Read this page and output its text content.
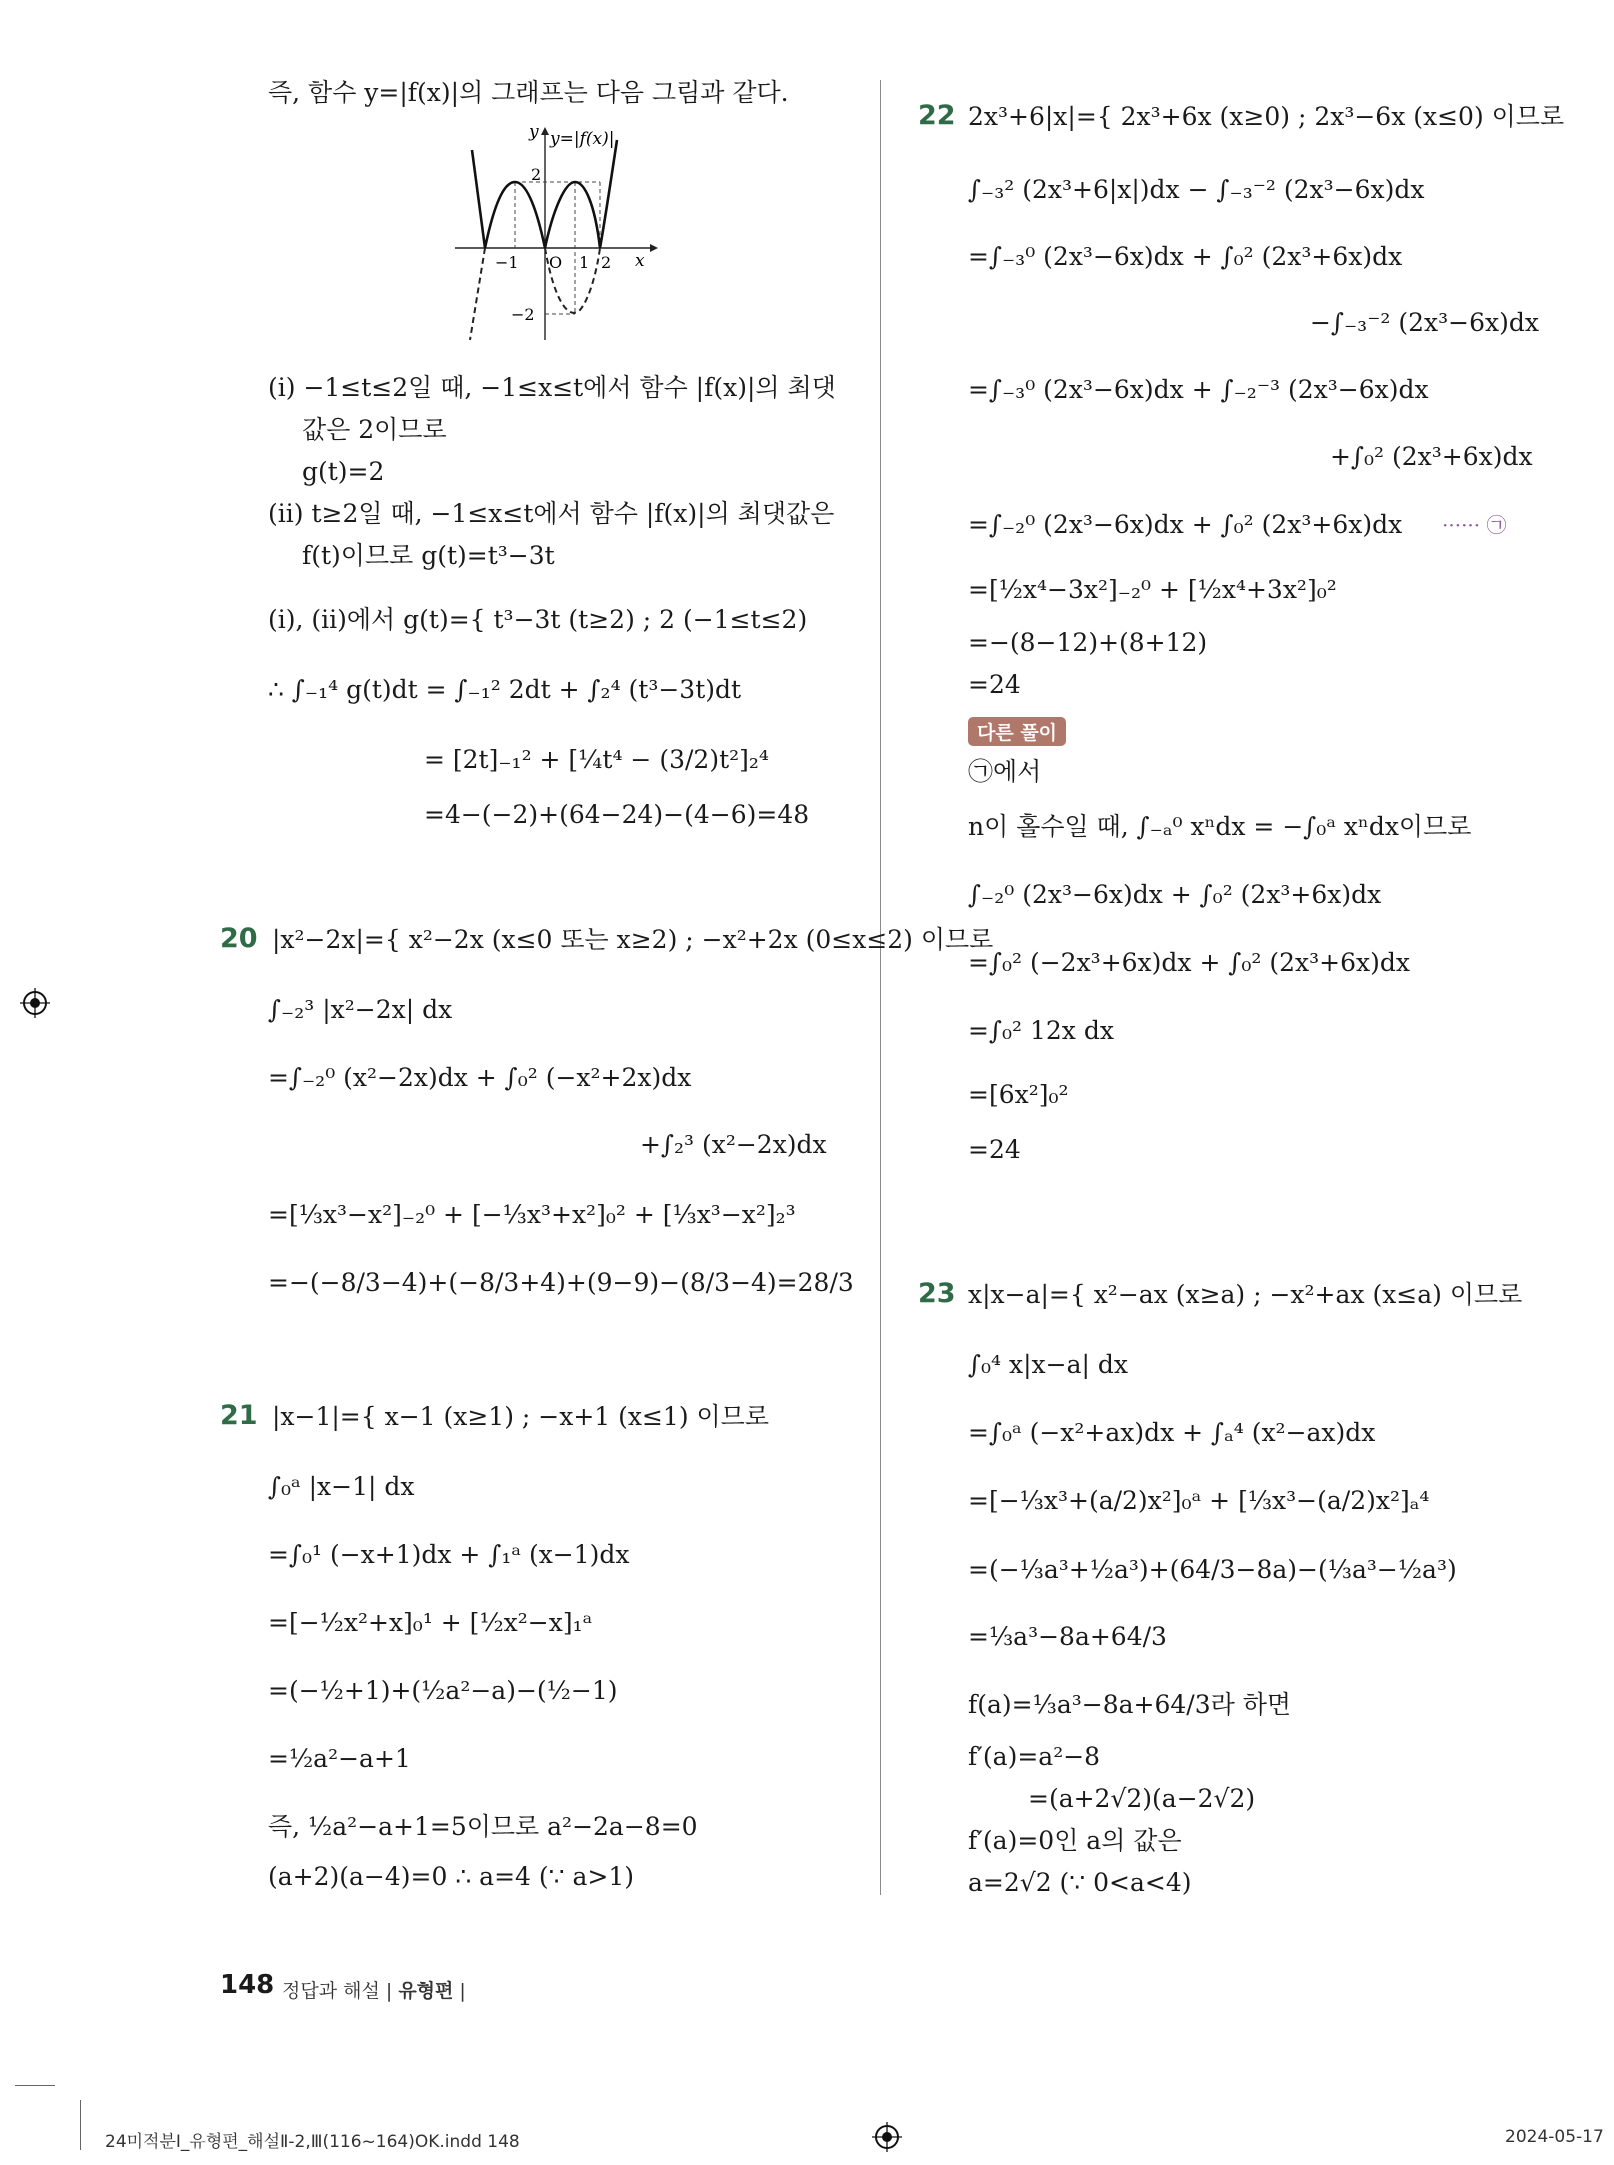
즉, 함수 y=|f(x)|의 그래프는 다음 그림과 같다.
y y=|f(x)|
x
2
−1 O 1 2
−2
(ⅰ) −1≤t≤2일 때, −1≤x≤t에서 함수 |f(x)|의 최댓
값은 2이므로
g(t)=2
(ⅱ) t≥2일 때, −1≤x≤t에서 함수 |f(x)|의 최댓값은
f(t)이므로 g(t)=t³−3t
(ⅰ), (ⅱ)에서 g(t)={ t³−3t (t≥2) ; 2 (−1≤t≤2)
∴ ∫₋₁⁴ g(t)dt = ∫₋₁² 2dt + ∫₂⁴ (t³−3t)dt
= [2t]₋₁² + [¼t⁴ − (3/2)t²]₂⁴
=4−(−2)+(64−24)−(4−6)=48
20 |x²−2x|={ x²−2x (x≤0 또는 x≥2) ; −x²+2x (0≤x≤2) 이므로
∫₋₂³ |x²−2x| dx
=∫₋₂⁰ (x²−2x)dx + ∫₀² (−x²+2x)dx
+∫₂³ (x²−2x)dx
=[⅓x³−x²]₋₂⁰ + [−⅓x³+x²]₀² + [⅓x³−x²]₂³
=−(−8/3−4)+(−8/3+4)+(9−9)−(8/3−4)=28/3
21 |x−1|={ x−1 (x≥1) ; −x+1 (x≤1) 이므로
∫₀ᵃ |x−1| dx
=∫₀¹ (−x+1)dx + ∫₁ᵃ (x−1)dx
=[−½x²+x]₀¹ + [½x²−x]₁ᵃ
=(−½+1)+(½a²−a)−(½−1)
=½a²−a+1
즉, ½a²−a+1=5이므로 a²−2a−8=0
(a+2)(a−4)=0 ∴ a=4 (∵ a>1)
22 2x³+6|x|={ 2x³+6x (x≥0) ; 2x³−6x (x≤0) 이므로
∫₋₃² (2x³+6|x|)dx − ∫₋₃⁻² (2x³−6x)dx
=∫₋₃⁰ (2x³−6x)dx + ∫₀² (2x³+6x)dx
−∫₋₃⁻² (2x³−6x)dx
=∫₋₃⁰ (2x³−6x)dx + ∫₋₂⁻³ (2x³−6x)dx
+∫₀² (2x³+6x)dx
=∫₋₂⁰ (2x³−6x)dx + ∫₀² (2x³+6x)dx ······ ㉠
=[½x⁴−3x²]₋₂⁰ + [½x⁴+3x²]₀²
=−(8−12)+(8+12)
=24
다른 풀이
㉠에서
n이 홀수일 때, ∫₋ₐ⁰ xⁿdx = −∫₀ᵃ xⁿdx이므로
∫₋₂⁰ (2x³−6x)dx + ∫₀² (2x³+6x)dx
=∫₀² (−2x³+6x)dx + ∫₀² (2x³+6x)dx
=∫₀² 12x dx
=[6x²]₀²
=24
23 x|x−a|={ x²−ax (x≥a) ; −x²+ax (x≤a) 이므로
∫₀⁴ x|x−a| dx
=∫₀ᵃ (−x²+ax)dx + ∫ₐ⁴ (x²−ax)dx
=[−⅓x³+(a/2)x²]₀ᵃ + [⅓x³−(a/2)x²]ₐ⁴
=(−⅓a³+½a³)+(64/3−8a)−(⅓a³−½a³)
=⅓a³−8a+64/3
f(a)=⅓a³−8a+64/3라 하면
f′(a)=a²−8
=(a+2√2)(a−2√2)
f′(a)=0인 a의 값은
a=2√2 (∵ 0<a<4)
148 정답과 해설 | 유형편 |
24미적분Ⅰ_유형편_해설Ⅱ-2,Ⅲ(116~164)OK.indd 148	2024-05-17
